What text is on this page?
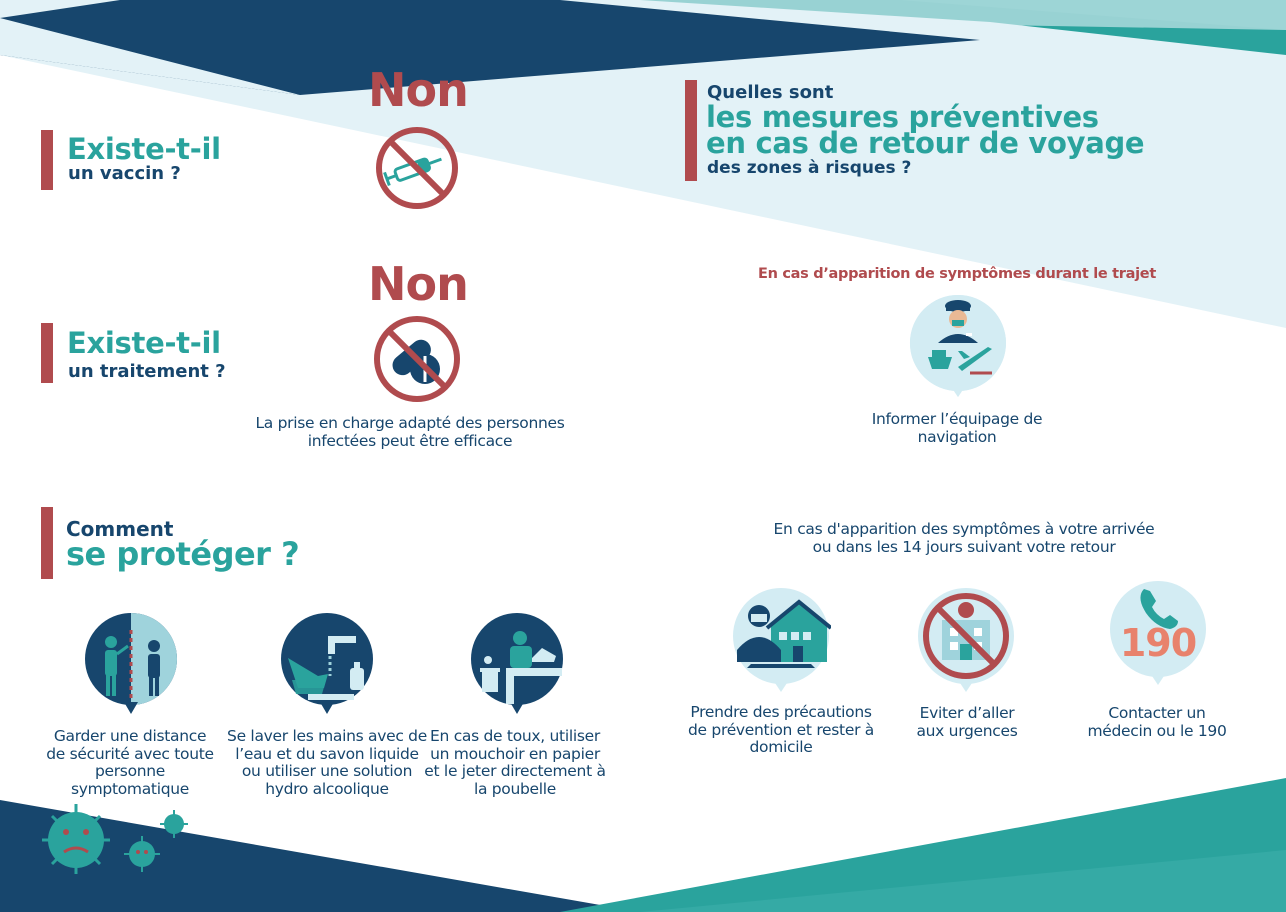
Existe-t-il
un vaccin ?
Non
Existe-t-il
un traitement ?
Non
La prise en charge adapté des personnes
infectées peut être efficace
Quelles sont
les mesures préventives
en cas de retour de voyage
des zones à risques ?
En cas d’apparition de symptômes durant le trajet
Informer l’équipage de
navigation
Comment
se protéger ?
Garder une distance
de sécurité avec toute
personne
symptomatique
Se laver les mains avec de
l’eau et du savon liquide
ou utiliser une solution
hydro alcoolique
En cas de toux, utiliser
un mouchoir en papier
et le jeter directement à
la poubelle
En cas d'apparition des symptômes à votre arrivée
ou dans les 14 jours suivant votre retour
Prendre des précautions
de prévention et rester à
domicile
Eviter d’aller
aux urgences
190
Contacter un
médecin ou le 190
